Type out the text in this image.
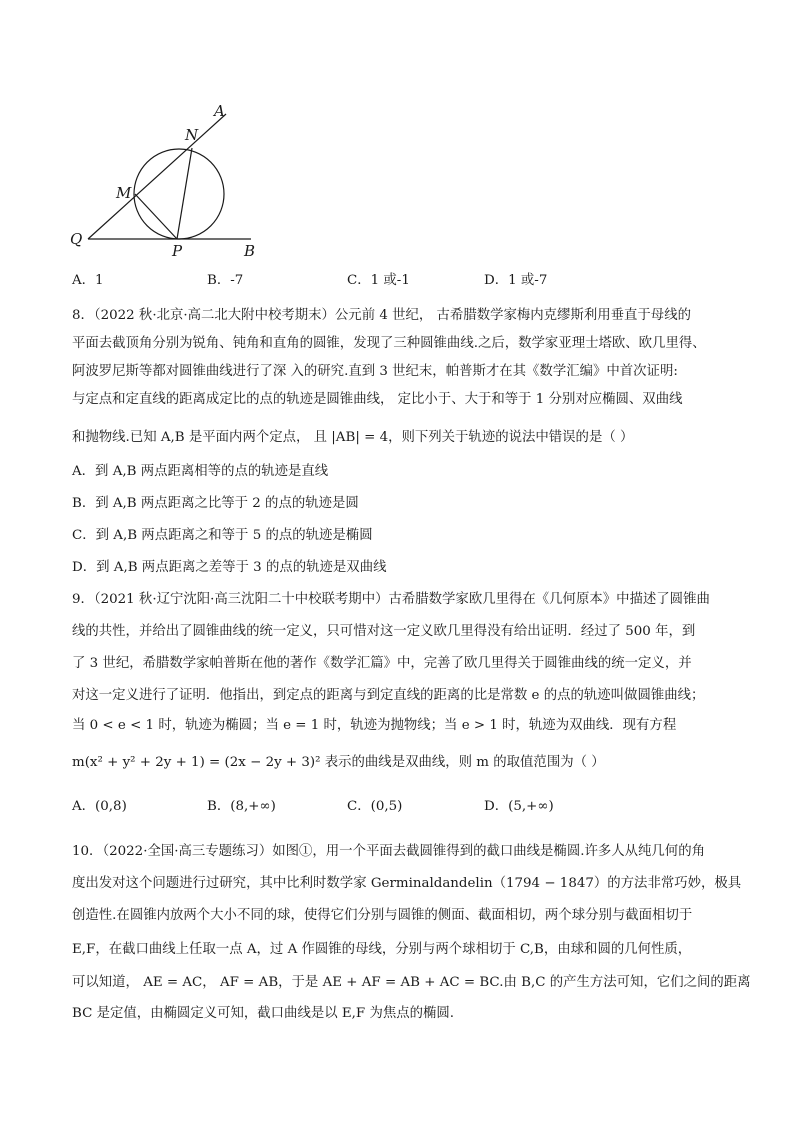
A
N
M
Q
P	B
A．1	B．-7	C．1 或-1	D．1 或-7
8．（2022 秋·北京·高二北大附中校考期末）公元前 4 世纪， 古希腊数学家梅内克缪斯利用垂直于母线的
平面去截顶角分别为锐角、钝角和直角的圆锥，发现了三种圆锥曲线.之后，数学家亚理士塔欧、欧几里得、
阿波罗尼斯等都对圆锥曲线进行了深 入的研究.直到 3 世纪末，帕普斯才在其《数学汇编》中首次证明:
与定点和定直线的距离成定比的点的轨迹是圆锥曲线， 定比小于、大于和等于 1 分别对应椭圆、双曲线
和抛物线.已知 A,B 是平面内两个定点， 且 |AB| = 4，则下列关于轨迹的说法中错误的是（ ）
A．到 A,B 两点距离相等的点的轨迹是直线
B．到 A,B 两点距离之比等于 2 的点的轨迹是圆
C．到 A,B 两点距离之和等于 5 的点的轨迹是椭圆
D．到 A,B 两点距离之差等于 3 的点的轨迹是双曲线
9．（2021 秋·辽宁沈阳·高三沈阳二十中校联考期中）古希腊数学家欧几里得在《几何原本》中描述了圆锥曲
线的共性，并给出了圆锥曲线的统一定义，只可惜对这一定义欧几里得没有给出证明．经过了 500 年，到
了 3 世纪，希腊数学家帕普斯在他的著作《数学汇篇》中，完善了欧几里得关于圆锥曲线的统一定义，并
对这一定义进行了证明．他指出，到定点的距离与到定直线的距离的比是常数 e 的点的轨迹叫做圆锥曲线；
当 0 < e < 1 时，轨迹为椭圆；当 e = 1 时，轨迹为抛物线；当 e > 1 时，轨迹为双曲线．现有方程
m(x² + y² + 2y + 1) = (2x − 2y + 3)² 表示的曲线是双曲线，则 m 的取值范围为（ ）
A．(0,8)	B．(8,+∞)	C．(0,5)	D．(5,+∞)
10．（2022·全国·高三专题练习）如图①，用一个平面去截圆锥得到的截口曲线是椭圆.许多人从纯几何的角
度出发对这个问题进行过研究，其中比利时数学家 Germinaldandelin（1794 − 1847）的方法非常巧妙，极具
创造性.在圆锥内放两个大小不同的球，使得它们分别与圆锥的侧面、截面相切，两个球分别与截面相切于
E,F，在截口曲线上任取一点 A，过 A 作圆锥的母线，分别与两个球相切于 C,B，由球和圆的几何性质，
可以知道， AE = AC， AF = AB，于是 AE + AF = AB + AC = BC.由 B,C 的产生方法可知，它们之间的距离
BC 是定值，由椭圆定义可知，截口曲线是以 E,F 为焦点的椭圆.
